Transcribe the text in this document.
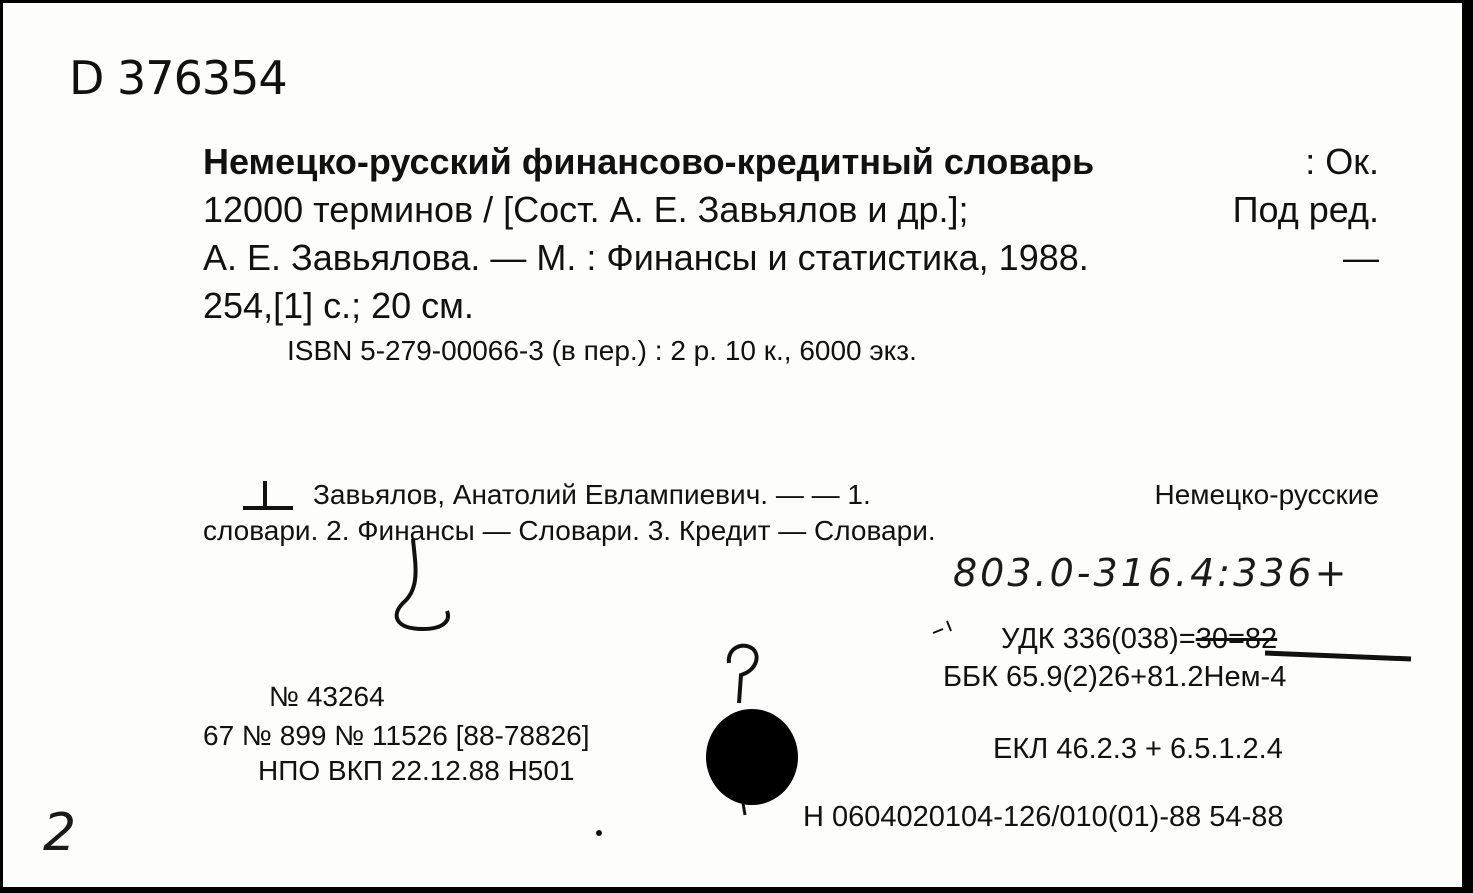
D 376354
Немецко-русский финансово-кредитный словарь	: Ок.
12000 терминов / [Сост. А. Е. Завьялов и др.];	Под ред.
А. Е. Завьялова. — М. : Финансы и статистика, 1988.	—
254,[1] с.; 20 см.
ISBN 5-279-00066-3 (в пер.) : 2 р. 10 к., 6000 экз.
Завьялов, Анатолий Евлампиевич. — — 1.	Немецко-русские
словари. 2. Финансы — Словари. 3. Кредит — Словари.
803.0-316.4:336+
УДК 336(038)=30=82
ББК 65.9(2)26+81.2Нем-4
№ 43264
67 № 899 № 11526 [88-78826]
НПО ВКП 22.12.88 Н501
ЕКЛ 46.2.3 + 6.5.1.2.4
Н 0604020104-126/010(01)-88 54-88
2
